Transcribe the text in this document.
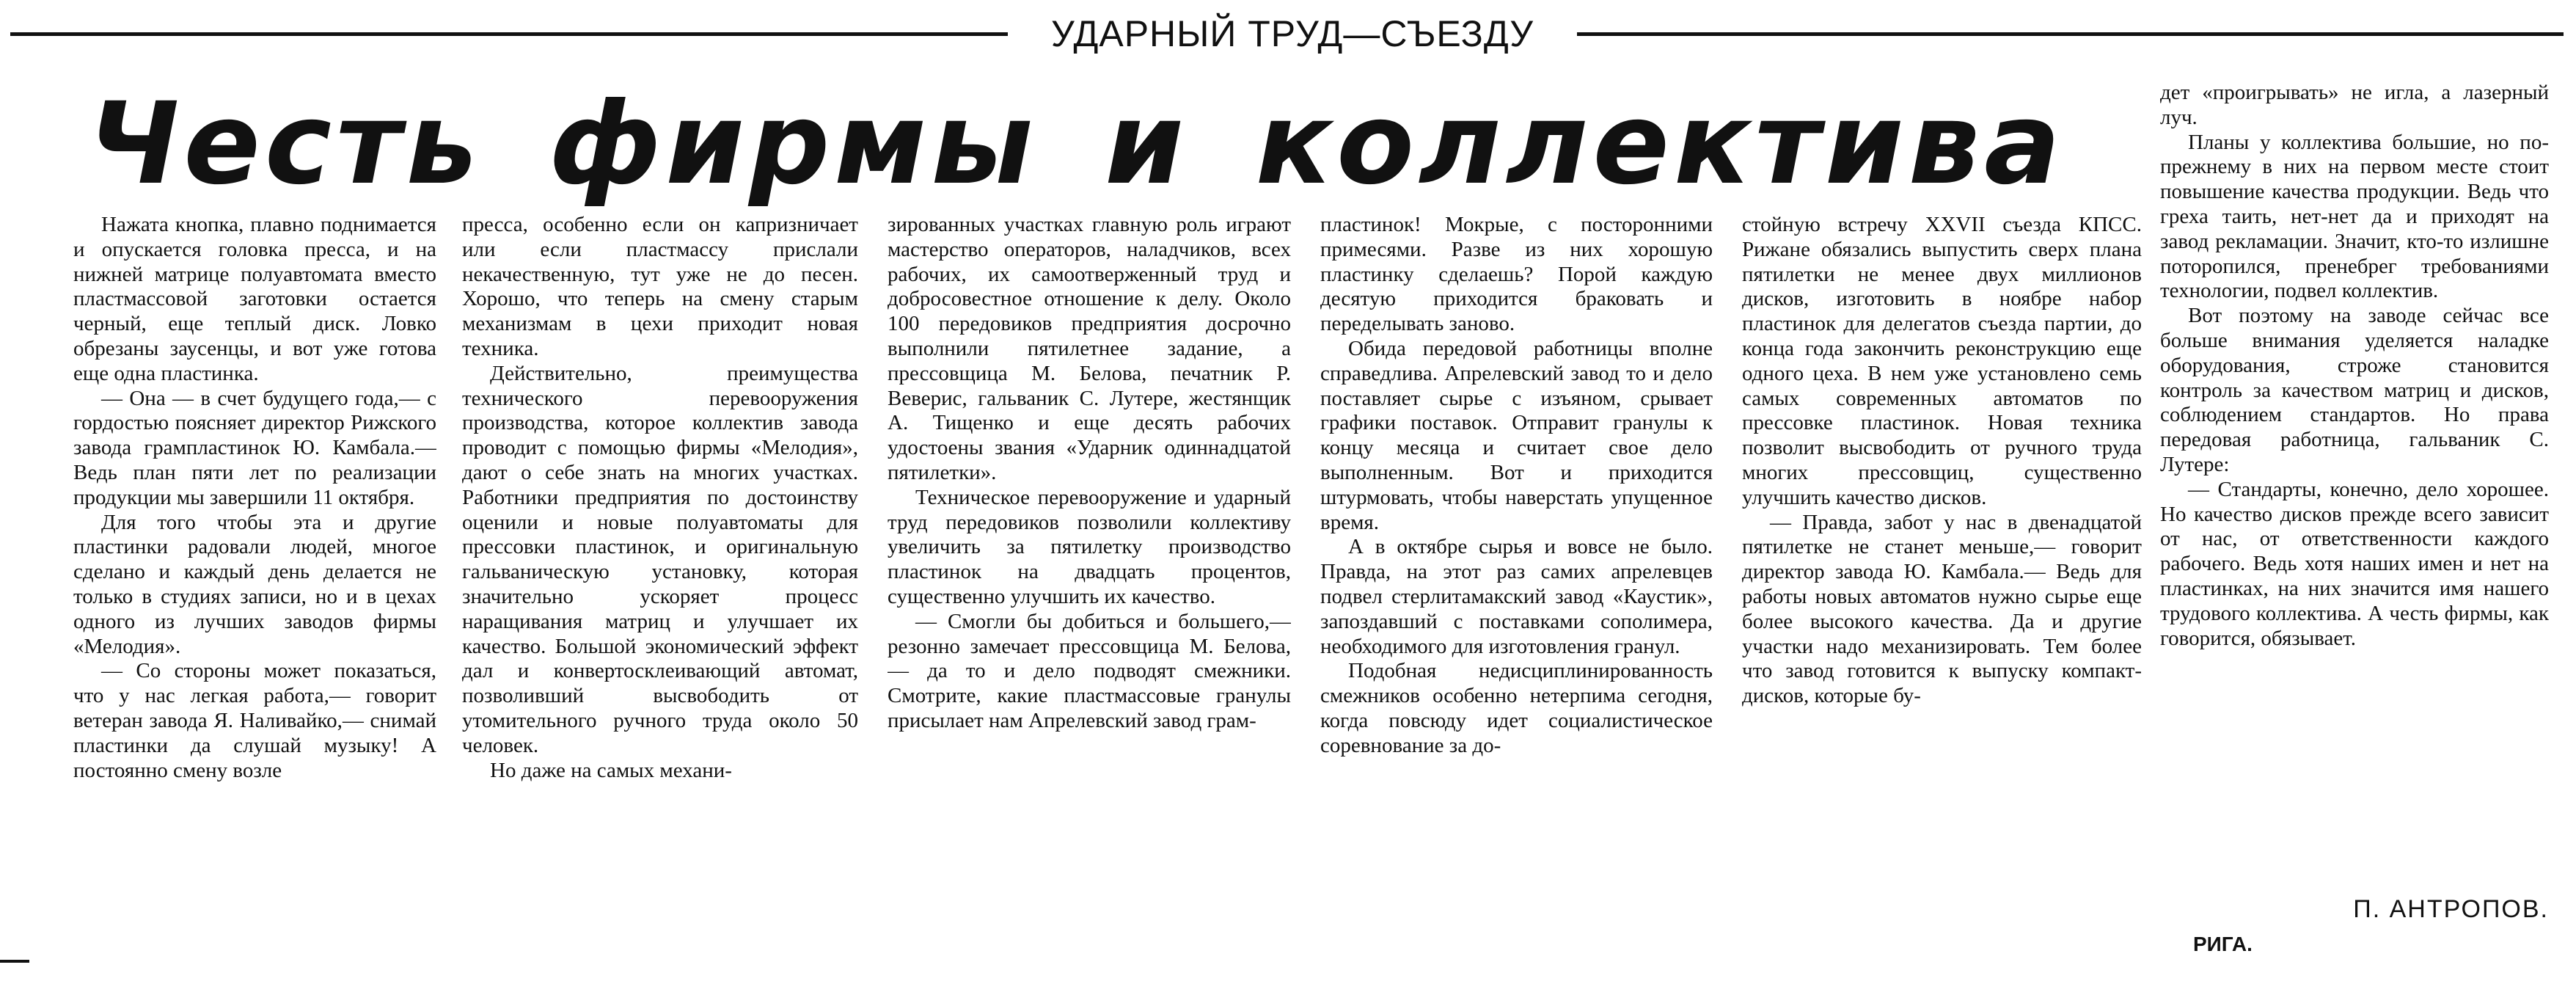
УДАРНЫЙ ТРУД—СЪЕЗДУ
Честь фирмы и коллектива

Нажата кнопка, плавно поднимается и опускается головка пресса, и на нижней матрице полуавтомата вместо пластмассовой заготовки остается черный, еще теплый диск. Ловко обрезаны заусенцы, и вот уже готова еще одна пластинка.

— Она — в счет будущего года,— с гордостью поясняет директор Рижского завода грампластинок Ю. Камбала.— Ведь план пяти лет по реализации продукции мы завершили 11 октября.

Для того чтобы эта и другие пластинки радовали людей, многое сделано и каждый день делается не только в студиях записи, но и в цехах одного из лучших заводов фирмы «Мелодия».

— Со стороны может показаться, что у нас легкая работа,— говорит ветеран завода Я. Наливайко,— снимай пластинки да слушай музыку! А постоянно смену возле

пресса, особенно если он капризничает или если пластмассу прислали некачественную, тут уже не до песен. Хорошо, что теперь на смену старым механизмам в цехи приходит новая техника.

Действительно, преимущества технического перевооружения производства, которое коллектив завода проводит с помощью фирмы «Мелодия», дают о себе знать на многих участках. Работники предприятия по достоинству оценили и новые полуавтоматы для прессовки пластинок, и оригинальную гальваническую установку, которая значительно ускоряет процесс наращивания матриц и улучшает их качество. Большой экономический эффект дал и конвертосклеивающий автомат, позволивший высвободить от утомительного ручного труда около 50 человек.

Но даже на самых механи-

зированных участках главную роль играют мастерство операторов, наладчиков, всех рабочих, их самоотверженный труд и добросовестное отношение к делу. Около 100 передовиков предприятия досрочно выполнили пятилетнее задание, а прессовщица М. Белова, печатник Р. Веверис, гальваник С. Лутере, жестянщик А. Тищенко и еще десять рабочих удостоены звания «Ударник одиннадцатой пятилетки».

Техническое перевооружение и ударный труд передовиков позволили коллективу увеличить за пятилетку производство пластинок на двадцать процентов, существенно улучшить их качество.

— Смогли бы добиться и большего,— резонно замечает прессовщица М. Белова,— да то и дело подводят смежники. Смотрите, какие пластмассовые гранулы присылает нам Апрелевский завод грам-

пластинок! Мокрые, с посторонними примесями. Разве из них хорошую пластинку сделаешь? Порой каждую десятую приходится браковать и переделывать заново.

Обида передовой работницы вполне справедлива. Апрелевский завод то и дело поставляет сырье с изъяном, срывает графики поставок. Отправит гранулы к концу месяца и считает свое дело выполненным. Вот и приходится штурмовать, чтобы наверстать упущенное время.

А в октябре сырья и вовсе не было. Правда, на этот раз самих апрелевцев подвел стерлитамакский завод «Каустик», запоздавший с поставками сополимера, необходимого для изготовления гранул.

Подобная недисциплинированность смежников особенно нетерпима сегодня, когда повсюду идет социалистическое соревнование за до-

стойную встречу XXVII съезда КПСС. Рижане обязались выпустить сверх плана пятилетки не менее двух миллионов дисков, изготовить в ноябре набор пластинок для делегатов съезда партии, до конца года закончить реконструкцию еще одного цеха. В нем уже установлено семь самых современных автоматов по прессовке пластинок. Новая техника позволит высвободить от ручного труда многих прессовщиц, существенно улучшить качество дисков.

— Правда, забот у нас в двенадцатой пятилетке не станет меньше,— говорит директор завода Ю. Камбала.— Ведь для работы новых автоматов нужно сырье еще более высокого качества. Да и другие участки надо механизировать. Тем более что завод готовится к выпуску компакт-дисков, которые бу-

дет «проигрывать» не игла, а лазерный луч.

Планы у коллектива большие, но по-прежнему в них на первом месте стоит повышение качества продукции. Ведь что греха таить, нет-нет да и приходят на завод рекламации. Значит, кто-то излишне поторопился, пренебрег требованиями технологии, подвел коллектив.

Вот поэтому на заводе сейчас все больше внимания уделяется наладке оборудования, строже становится контроль за качеством матриц и дисков, соблюдением стандартов. Но права передовая работница, гальваник С. Лутере:

— Стандарты, конечно, дело хорошее. Но качество дисков прежде всего зависит от нас, от ответственности каждого рабочего. Ведь хотя наших имен и нет на пластинках, на них значится имя нашего трудового коллектива. А честь фирмы, как говорится, обязывает.

П. АНТРОПОВ.
РИГА.
